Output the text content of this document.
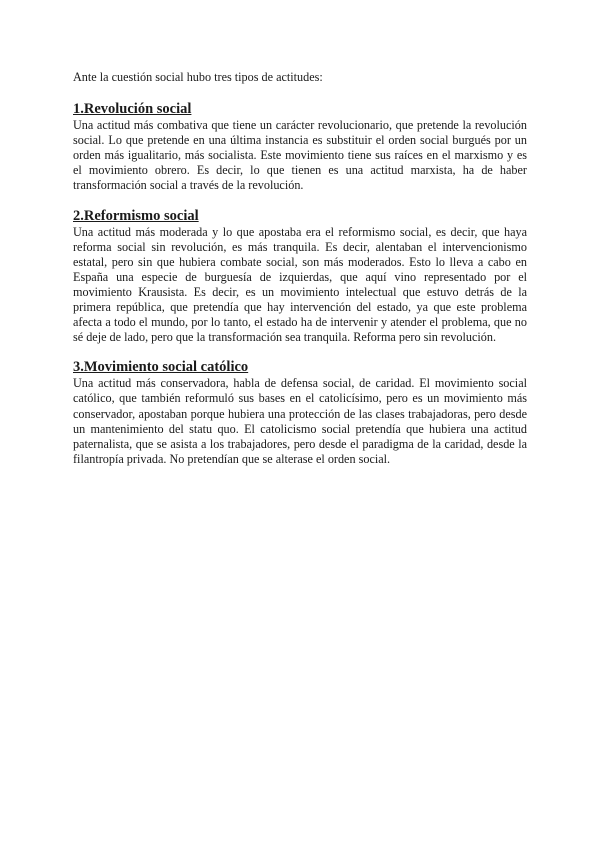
Ante la cuestión social hubo tres tipos de actitudes:

1.Revolución social

Una actitud más combativa que tiene un carácter revolucionario, que pretende la revolución social. Lo que pretende en una última instancia es substituir el orden social burgués por un orden más igualitario, más socialista. Este movimiento tiene sus raíces en el marxismo y es el movimiento obrero. Es decir, lo que tienen es una actitud marxista, ha de haber transformación social a través de la revolución.

2.Reformismo social

Una actitud más moderada y lo que apostaba era el reformismo social, es decir, que haya reforma social sin revolución, es más tranquila. Es decir, alentaban el intervencionismo estatal, pero sin que hubiera combate social, son más moderados. Esto lo lleva a cabo en España una especie de burguesía de izquierdas, que aquí vino representado por el movimiento Krausista. Es decir, es un movimiento intelectual que estuvo detrás de la primera república, que pretendía que hay intervención del estado, ya que este problema afecta a todo el mundo, por lo tanto, el estado ha de intervenir y atender el problema, que no sé deje de lado, pero que la transformación sea tranquila. Reforma pero sin revolución.

3.Movimiento social católico

Una actitud más conservadora, habla de defensa social, de caridad. El movimiento social católico, que también reformuló sus bases en el catolicísimo, pero es un movimiento más conservador, apostaban porque hubiera una protección de las clases trabajadoras, pero desde un mantenimiento del statu quo. El catolicismo social pretendía que hubiera una actitud paternalista, que se asista a los trabajadores, pero desde el paradigma de la caridad, desde la filantropía privada. No pretendían que se alterase el orden social.
